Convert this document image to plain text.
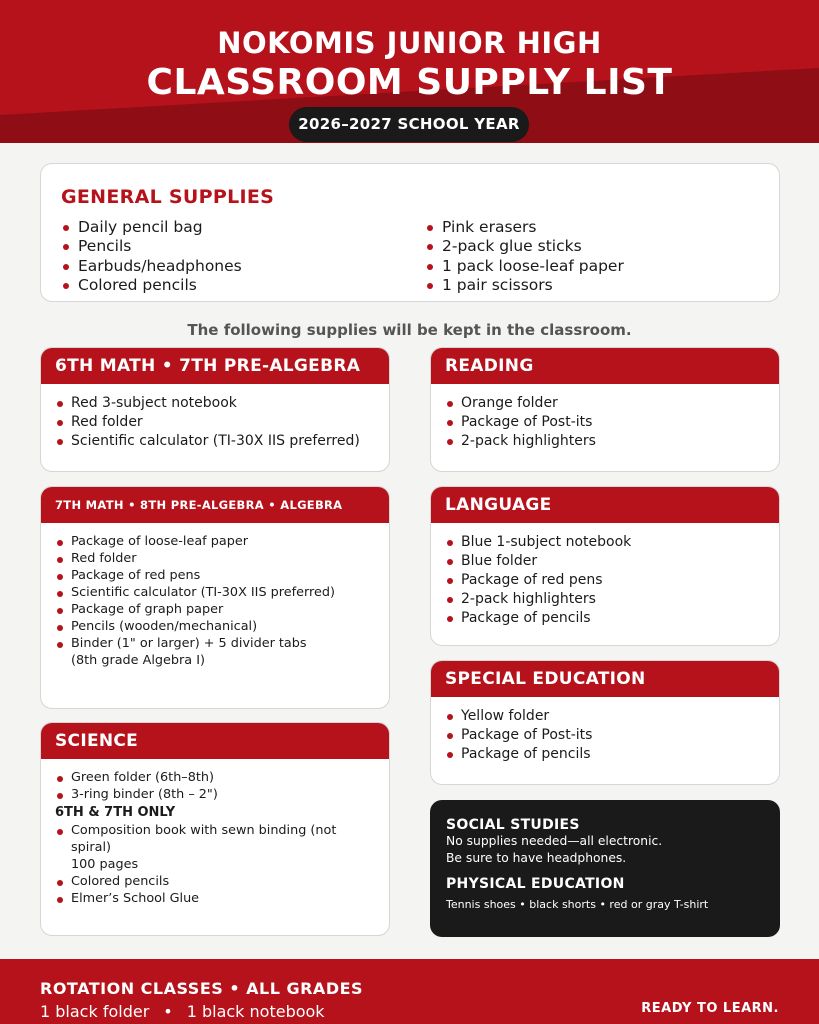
NOKOMIS JUNIOR HIGH
CLASSROOM SUPPLY LIST
2026–2027 SCHOOL YEAR
GENERAL SUPPLIES
Daily pencil bag
Pencils
Earbuds/headphones
Colored pencils
Pink erasers
2-pack glue sticks
1 pack loose-leaf paper
1 pair scissors
The following supplies will be kept in the classroom.
6TH MATH • 7TH PRE-ALGEBRA
Red 3-subject notebook
Red folder
Scientific calculator (TI-30X IIS preferred)
READING
Orange folder
Package of Post-its
2-pack highlighters
7TH MATH • 8TH PRE-ALGEBRA • ALGEBRA
Package of loose-leaf paper
Red folder
Package of red pens
Scientific calculator (TI-30X IIS preferred)
Package of graph paper
Pencils (wooden/mechanical)
Binder (1" or larger) + 5 divider tabs
(8th grade Algebra I)
LANGUAGE
Blue 1-subject notebook
Blue folder
Package of red pens
2-pack highlighters
Package of pencils
SPECIAL EDUCATION
Yellow folder
Package of Post-its
Package of pencils
SCIENCE
Green folder (6th–8th)
3-ring binder (8th – 2")
6TH & 7TH ONLY
Composition book with sewn binding (not spiral)
100 pages
Colored pencils
Elmer’s School Glue
SOCIAL STUDIES

No supplies needed—all electronic.

Be sure to have headphones.

PHYSICAL EDUCATION

Tennis shoes • black shorts • red or gray T-shirt

ROTATION CLASSES • ALL GRADES
1 black folder • 1 black notebook	READY TO LEARN.
